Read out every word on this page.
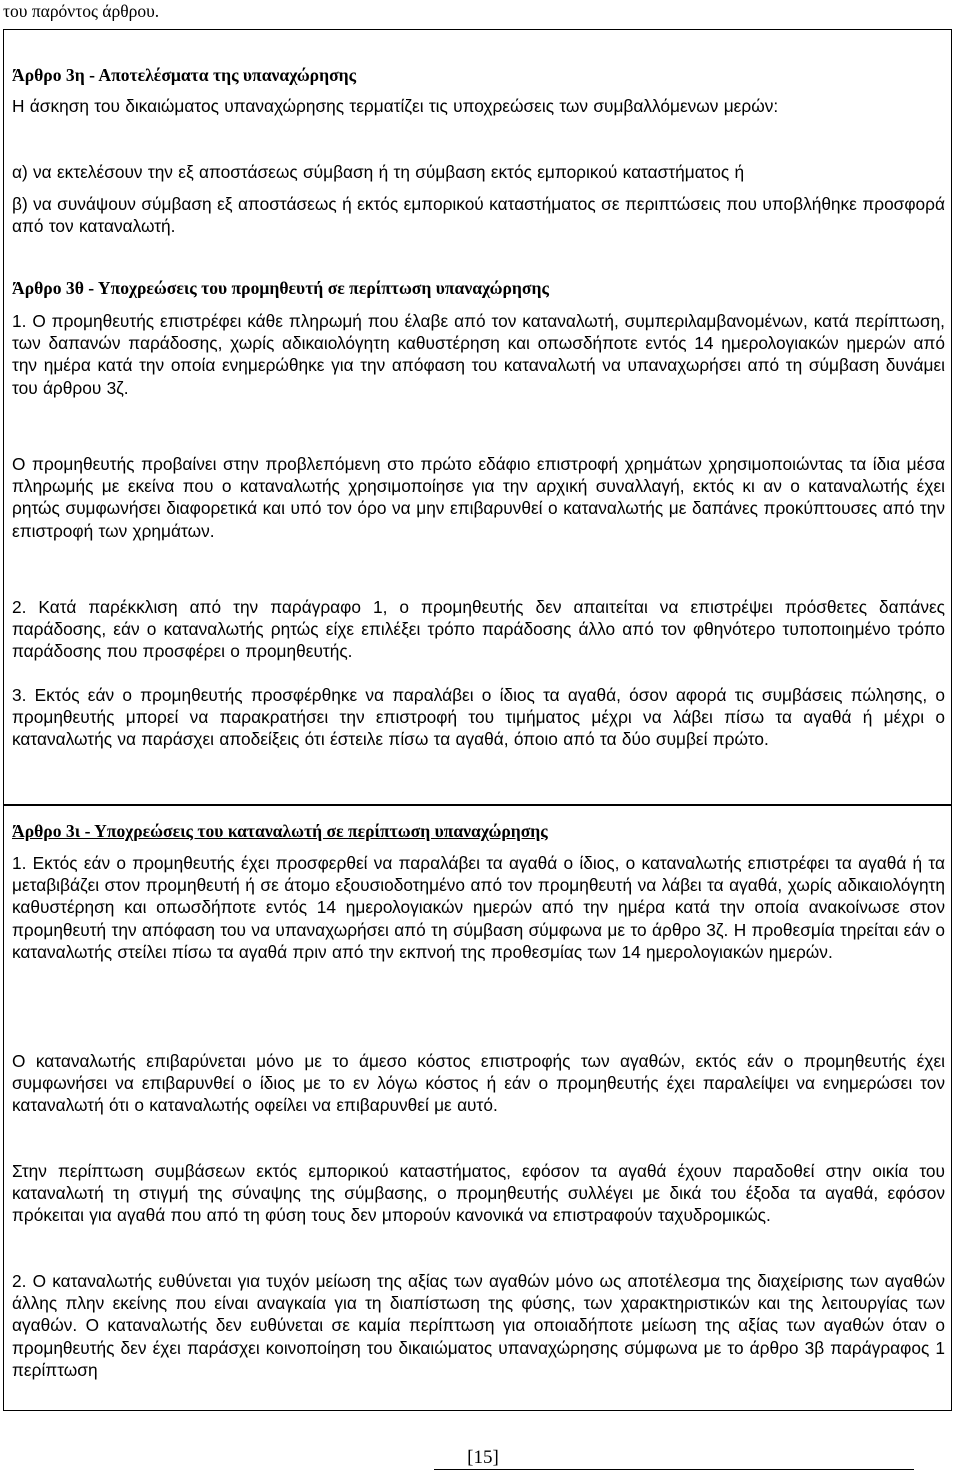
του παρόντος άρθρου.
Άρθρο 3η - Αποτελέσματα της υπαναχώρησης

Η άσκηση του δικαιώματος υπαναχώρησης τερματίζει τις υποχρεώσεις των συμβαλλόμενων μερών:

α) να εκτελέσουν την εξ αποστάσεως σύμβαση ή τη σύμβαση εκτός εμπορικού καταστήματος ή

β) να συνάψουν σύμβαση εξ αποστάσεως ή εκτός εμπορικού καταστήματος σε περιπτώσεις που υποβλήθηκε προσφορά από τον καταναλωτή.

Άρθρο 3θ - Υποχρεώσεις του προμηθευτή σε περίπτωση υπαναχώρησης

1. Ο προμηθευτής επιστρέφει κάθε πληρωμή που έλαβε από τον καταναλωτή, συμπεριλαμβανομένων, κατά περίπτωση, των δαπανών παράδοσης, χωρίς αδικαιολόγητη καθυστέρηση και οπωσδήποτε εντός 14 ημερολογιακών ημερών από την ημέρα κατά την οποία ενημερώθηκε για την απόφαση του καταναλωτή να υπαναχωρήσει από τη σύμβαση δυνάμει του άρθρου 3ζ.

Ο προμηθευτής προβαίνει στην προβλεπόμενη στο πρώτο εδάφιο επιστροφή χρημάτων χρησιμοποιώντας τα ίδια μέσα πληρωμής με εκείνα που ο καταναλωτής χρησιμοποίησε για την αρχική συναλλαγή, εκτός κι αν ο καταναλωτής έχει ρητώς συμφωνήσει διαφορετικά και υπό τον όρο να μην επιβαρυνθεί ο καταναλωτής με δαπάνες προκύπτουσες από την επιστροφή των χρημάτων.

2. Κατά παρέκκλιση από την παράγραφο 1, ο προμηθευτής δεν απαιτείται να επιστρέψει πρόσθετες δαπάνες παράδοσης, εάν ο καταναλωτής ρητώς είχε επιλέξει τρόπο παράδοσης άλλο από τον φθηνότερο τυποποιημένο τρόπο παράδοσης που προσφέρει ο προμηθευτής.

3. Εκτός εάν ο προμηθευτής προσφέρθηκε να παραλάβει ο ίδιος τα αγαθά, όσον αφορά τις συμβάσεις πώλησης, ο προμηθευτής μπορεί να παρακρατήσει την επιστροφή του τιμήματος μέχρι να λάβει πίσω τα αγαθά ή μέχρι ο καταναλωτής να παράσχει αποδείξεις ότι έστειλε πίσω τα αγαθά, όποιο από τα δύο συμβεί πρώτο.

Άρθρο 3ι - Υποχρεώσεις του καταναλωτή σε περίπτωση υπαναχώρησης

1. Εκτός εάν ο προμηθευτής έχει προσφερθεί να παραλάβει τα αγαθά ο ίδιος, ο καταναλωτής επιστρέφει τα αγαθά ή τα μεταβιβάζει στον προμηθευτή ή σε άτομο εξουσιοδοτημένο από τον προμηθευτή να λάβει τα αγαθά, χωρίς αδικαιολόγητη καθυστέρηση και οπωσδήποτε εντός 14 ημερολογιακών ημερών από την ημέρα κατά την οποία ανακοίνωσε στον προμηθευτή την απόφαση του να υπαναχωρήσει από τη σύμβαση σύμφωνα με το άρθρο 3ζ. Η προθεσμία τηρείται εάν ο καταναλωτής στείλει πίσω τα αγαθά πριν από την εκπνοή της προθεσμίας των 14 ημερολογιακών ημερών.

Ο καταναλωτής επιβαρύνεται μόνο με το άμεσο κόστος επιστροφής των αγαθών, εκτός εάν ο προμηθευτής έχει συμφωνήσει να επιβαρυνθεί ο ίδιος με το εν λόγω κόστος ή εάν ο προμηθευτής έχει παραλείψει να ενημερώσει τον καταναλωτή ότι ο καταναλωτής οφείλει να επιβαρυνθεί με αυτό.

Στην περίπτωση συμβάσεων εκτός εμπορικού καταστήματος, εφόσον τα αγαθά έχουν παραδοθεί στην οικία του καταναλωτή τη στιγμή της σύναψης της σύμβασης, ο προμηθευτής συλλέγει με δικά του έξοδα τα αγαθά, εφόσον πρόκειται για αγαθά που από τη φύση τους δεν μπορούν κανονικά να επιστραφούν ταχυδρομικώς.

2. Ο καταναλωτής ευθύνεται για τυχόν μείωση της αξίας των αγαθών μόνο ως αποτέλεσμα της διαχείρισης των αγαθών άλλης πλην εκείνης που είναι αναγκαία για τη διαπίστωση της φύσης, των χαρακτηριστικών και της λειτουργίας των αγαθών. Ο καταναλωτής δεν ευθύνεται σε καμία περίπτωση για οποιαδήποτε μείωση της αξίας των αγαθών όταν ο προμηθευτής δεν έχει παράσχει κοινοποίηση του δικαιώματος υπαναχώρησης σύμφωνα με το άρθρο 3β παράγραφος 1 περίπτωση

[15]
